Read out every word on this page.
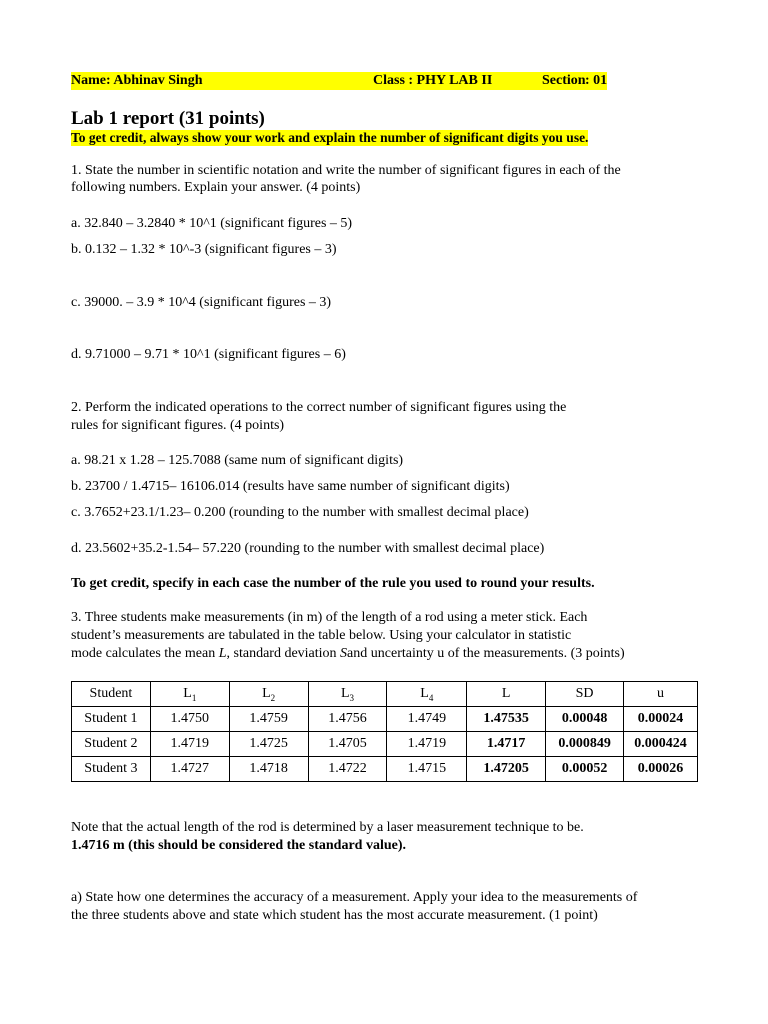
Name: Abhinav Singh	Class : PHY LAB II	Section : 01
Lab 1 report (31 points)
To get credit, always show your work and explain the number of significant digits you use.

1. State the number in scientific notation and write the number of significant figures in each of the

following numbers. Explain your answer. (4 points)

a. 32.840 – 3.2840 * 10^1 (significant figures – 5)

b. 0.132 – 1.32 * 10^-3 (significant figures – 3)

c. 39000. – 3.9 * 10^4 (significant figures – 3)

d. 9.71000 – 9.71 * 10^1 (significant figures – 6)

2. Perform the indicated operations to the correct number of significant figures using the

rules for significant figures. (4 points)

a. 98.21 x 1.28 – 125.7088 (same num of significant digits)

b. 23700 / 1.4715– 16106.014 (results have same number of significant digits)

c. 3.7652+23.1/1.23– 0.200 (rounding to the number with smallest decimal place)

d. 23.5602+35.2-1.54– 57.220 (rounding to the number with smallest decimal place)

To get credit, specify in each case the number of the rule you used to round your results.

3. Three students make measurements (in m) of the length of a rod using a meter stick. Each

student’s measurements are tabulated in the table below. Using your calculator in statistic

mode calculates the mean L, standard deviation Sand uncertainty u of the measurements. (3 points)

Student	$L_1$	$L_2$	$L_3$	$L_4$	L	SD	u
Student 1	1.4750	1.4759	1.4756	1.4749	1.47535	0.00048	0.00024
Student 2	1.4719	1.4725	1.4705	1.4719	1.4717	0.000849	0.000424
Student 3	1.4727	1.4718	1.4722	1.4715	1.47205	0.00052	0.00026

Note that the actual length of the rod is determined by a laser measurement technique to be.

1.4716 m (this should be considered the standard value).

a) State how one determines the accuracy of a measurement. Apply your idea to the measurements of

the three students above and state which student has the most accurate measurement. (1 point)
